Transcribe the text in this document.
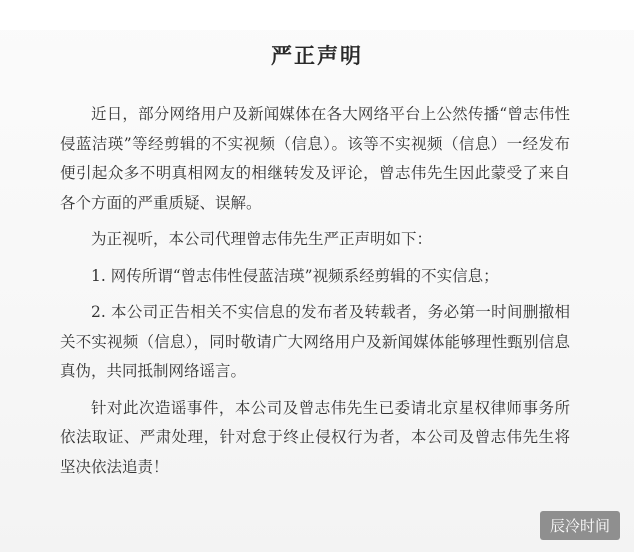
严正声明

近日，部分网络用户及新闻媒体在各大网络平台上公然传播“曾志伟性侵蓝洁瑛”等经剪辑的不实视频（信息）。该等不实视频（信息）一经发布便引起众多不明真相网友的相继转发及评论，曾志伟先生因此蒙受了来自各个方面的严重质疑、误解。

为正视听，本公司代理曾志伟先生严正声明如下：

1. 网传所谓“曾志伟性侵蓝洁瑛”视频系经剪辑的不实信息；

2. 本公司正告相关不实信息的发布者及转载者，务必第一时间删撤相关不实视频（信息），同时敬请广大网络用户及新闻媒体能够理性甄别信息真伪，共同抵制网络谣言。

针对此次造谣事件，本公司及曾志伟先生已委请北京星权律师事务所依法取证、严肃处理，针对怠于终止侵权行为者，本公司及曾志伟先生将坚决依法追责！

辰冷时间
